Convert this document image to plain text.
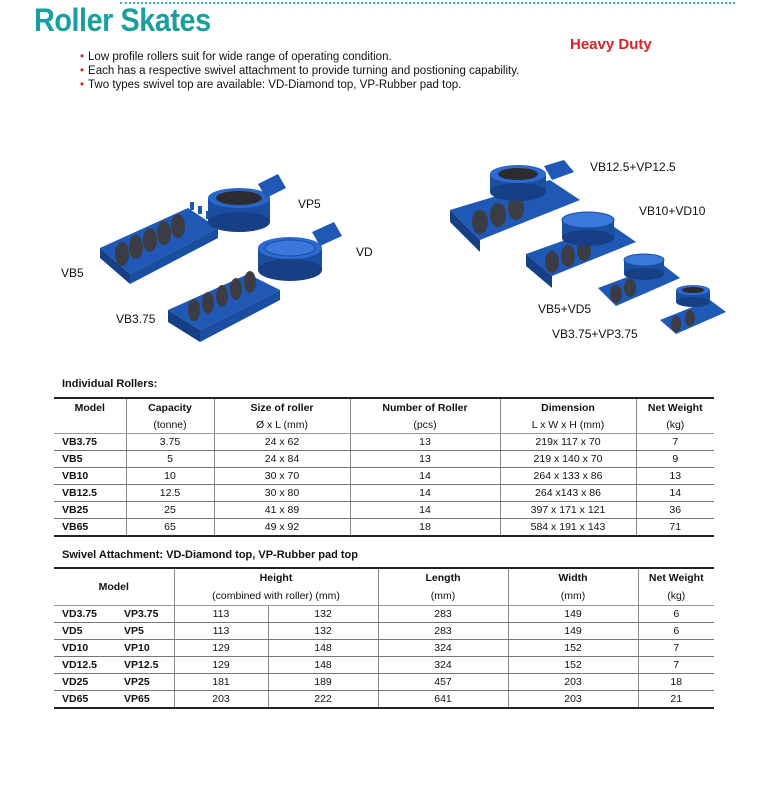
Roller Skates
Heavy Duty
• Low profile rollers suit for wide range of operating condition.
• Each has a respective swivel attachment to provide turning and postioning capability.
• Two types swivel top are available: VD-Diamond top, VP-Rubber pad top.
VB5
VB3.75
VP5
VD
VB12.5+VP12.5
VB10+VD10
VB5+VD5
VB3.75+VP3.75
Individual Rollers:
Model	Capacity	Size of roller	Number of Roller	Dimension	Net Weight
	(tonne)	Ø x L (mm)	(pcs)	L x W x H (mm)	(kg)
VB3.75	3.75	24 x 62	13	219x 117 x 70	7
VB5	5	24 x 84	13	219 x 140 x 70	9
VB10	10	30 x 70	14	264 x 133 x 86	13
VB12.5	12.5	30 x 80	14	264 x143 x 86	14
VB25	25	41 x 89	14	397 x 171 x 121	36
VB65	65	49 x 92	18	584 x 191 x 143	71
Swivel Attachment: VD-Diamond top, VP-Rubber pad top
Model		Height		Length	Width	Net Weight
		(combined with roller) (mm)		(mm)	(mm)	(kg)
VD3.75	VP3.75	113	132	283	149	6
VD5	VP5	113	132	283	149	6
VD10	VP10	129	148	324	152	7
VD12.5	VP12.5	129	148	324	152	7
VD25	VP25	181	189	457	203	18
VD65	VP65	203	222	641	203	21
